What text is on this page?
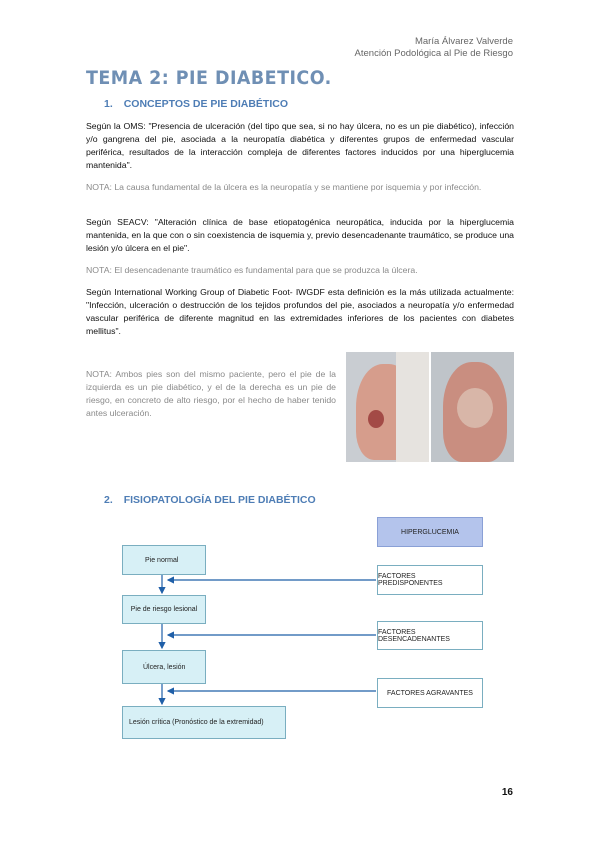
María Álvarez Valverde
Atención Podológica al Pie de Riesgo
TEMA 2: PIE DIABETICO.
1. CONCEPTOS DE PIE DIABÉTICO
Según la OMS: "Presencia de ulceración (del tipo que sea, si no hay úlcera, no es un pie diabético), infección y/o gangrena del pie, asociada a la neuropatía diabética y diferentes grupos de enfermedad vascular periférica, resultados de la interacción compleja de diferentes factores inducidos por una hiperglucemia mantenida".
NOTA: La causa fundamental de la úlcera es la neuropatía y se mantiene por isquemia y por infección.
Según SEACV: "Alteración clínica de base etiopatogénica neuropática, inducida por la hiperglucemia mantenida, en la que con o sin coexistencia de isquemia y, previo desencadenante traumático, se produce una lesión y/o úlcera en el pie".
NOTA: El desencadenante traumático es fundamental para que se produzca la úlcera.
Según International Working Group of Diabetic Foot- IWGDF esta definición es la más utilizada actualmente: "Infección, ulceración o destrucción de los tejidos profundos del pie, asociados a neuropatía y/o enfermedad vascular periférica de diferente magnitud en las extremidades inferiores de los pacientes con diabetes mellitus".
NOTA: Ambos pies son del mismo paciente, pero el pie de la izquierda es un pie diabético, y el de la derecha es un pie de riesgo, en concreto de alto riesgo, por el hecho de haber tenido antes ulceración.
2. FISIOPATOLOGÍA DEL PIE DIABÉTICO
HIPERGLUCEMIA
Pie normal
Pie de riesgo lesional
Úlcera, lesión
Lesión crítica (Pronóstico de la extremidad)
FACTORES PREDISPONENTES
FACTORES DESENCADENANTES
FACTORES AGRAVANTES
16
